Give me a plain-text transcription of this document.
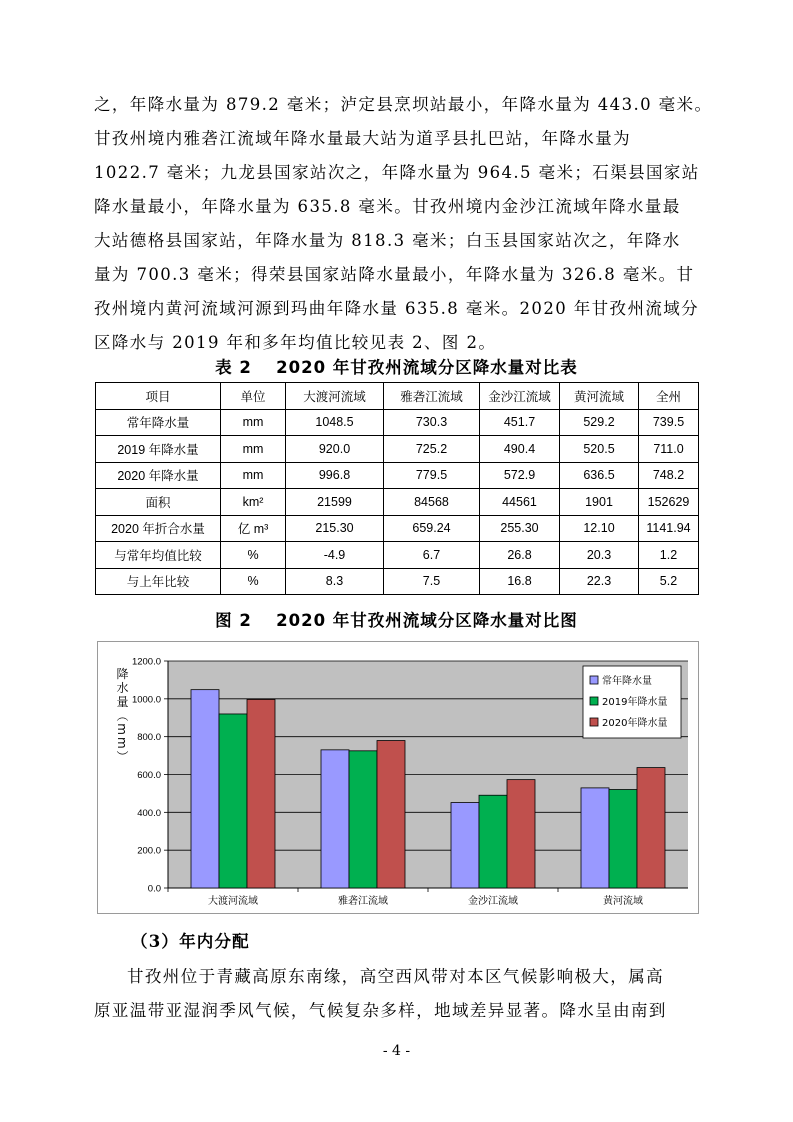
之，年降水量为 879.2 毫米；泸定县烹坝站最小，年降水量为 443.0 毫米。
甘孜州境内雅砻江流域年降水量最大站为道孚县扎巴站，年降水量为
1022.7 毫米；九龙县国家站次之，年降水量为 964.5 毫米；石渠县国家站
降水量最小，年降水量为 635.8 毫米。甘孜州境内金沙江流域年降水量最
大站德格县国家站，年降水量为 818.3 毫米；白玉县国家站次之，年降水
量为 700.3 毫米；得荣县国家站降水量最小，年降水量为 326.8 毫米。甘
孜州境内黄河流域河源到玛曲年降水量 635.8 毫米。2020 年甘孜州流域分
区降水与 2019 年和多年均值比较见表 2、图 2。
表 2　 2020 年甘孜州流域分区降水量对比表
项目	单位	大渡河流域	雅砻江流域	金沙江流域	黄河流域	全州
常年降水量	mm	1048.5	730.3	451.7	529.2	739.5
2019 年降水量	mm	920.0	725.2	490.4	520.5	711.0
2020 年降水量	mm	996.8	779.5	572.9	636.5	748.2
面积	km²	21599	84568	44561	1901	152629
2020 年折合水量	亿 m³	215.30	659.24	255.30	12.10	1141.94
与常年均值比较	%	-4.9	6.7	26.8	20.3	1.2
与上年比较	%	8.3	7.5	16.8	22.3	5.2
图 2　 2020 年甘孜州流域分区降水量对比图
0.0
200.0
400.0
600.0
800.0
1000.0
1200.0
大渡河流域	雅砻江流域	金沙江流域	黄河流域
降水量（mm）	常年降水量
2019年降水量
2020年降水量
（3）年内分配
甘孜州位于青藏高原东南缘，高空西风带对本区气候影响极大，属高
原亚温带亚湿润季风气候，气候复杂多样，地域差异显著。降水呈由南到
- 4 -
